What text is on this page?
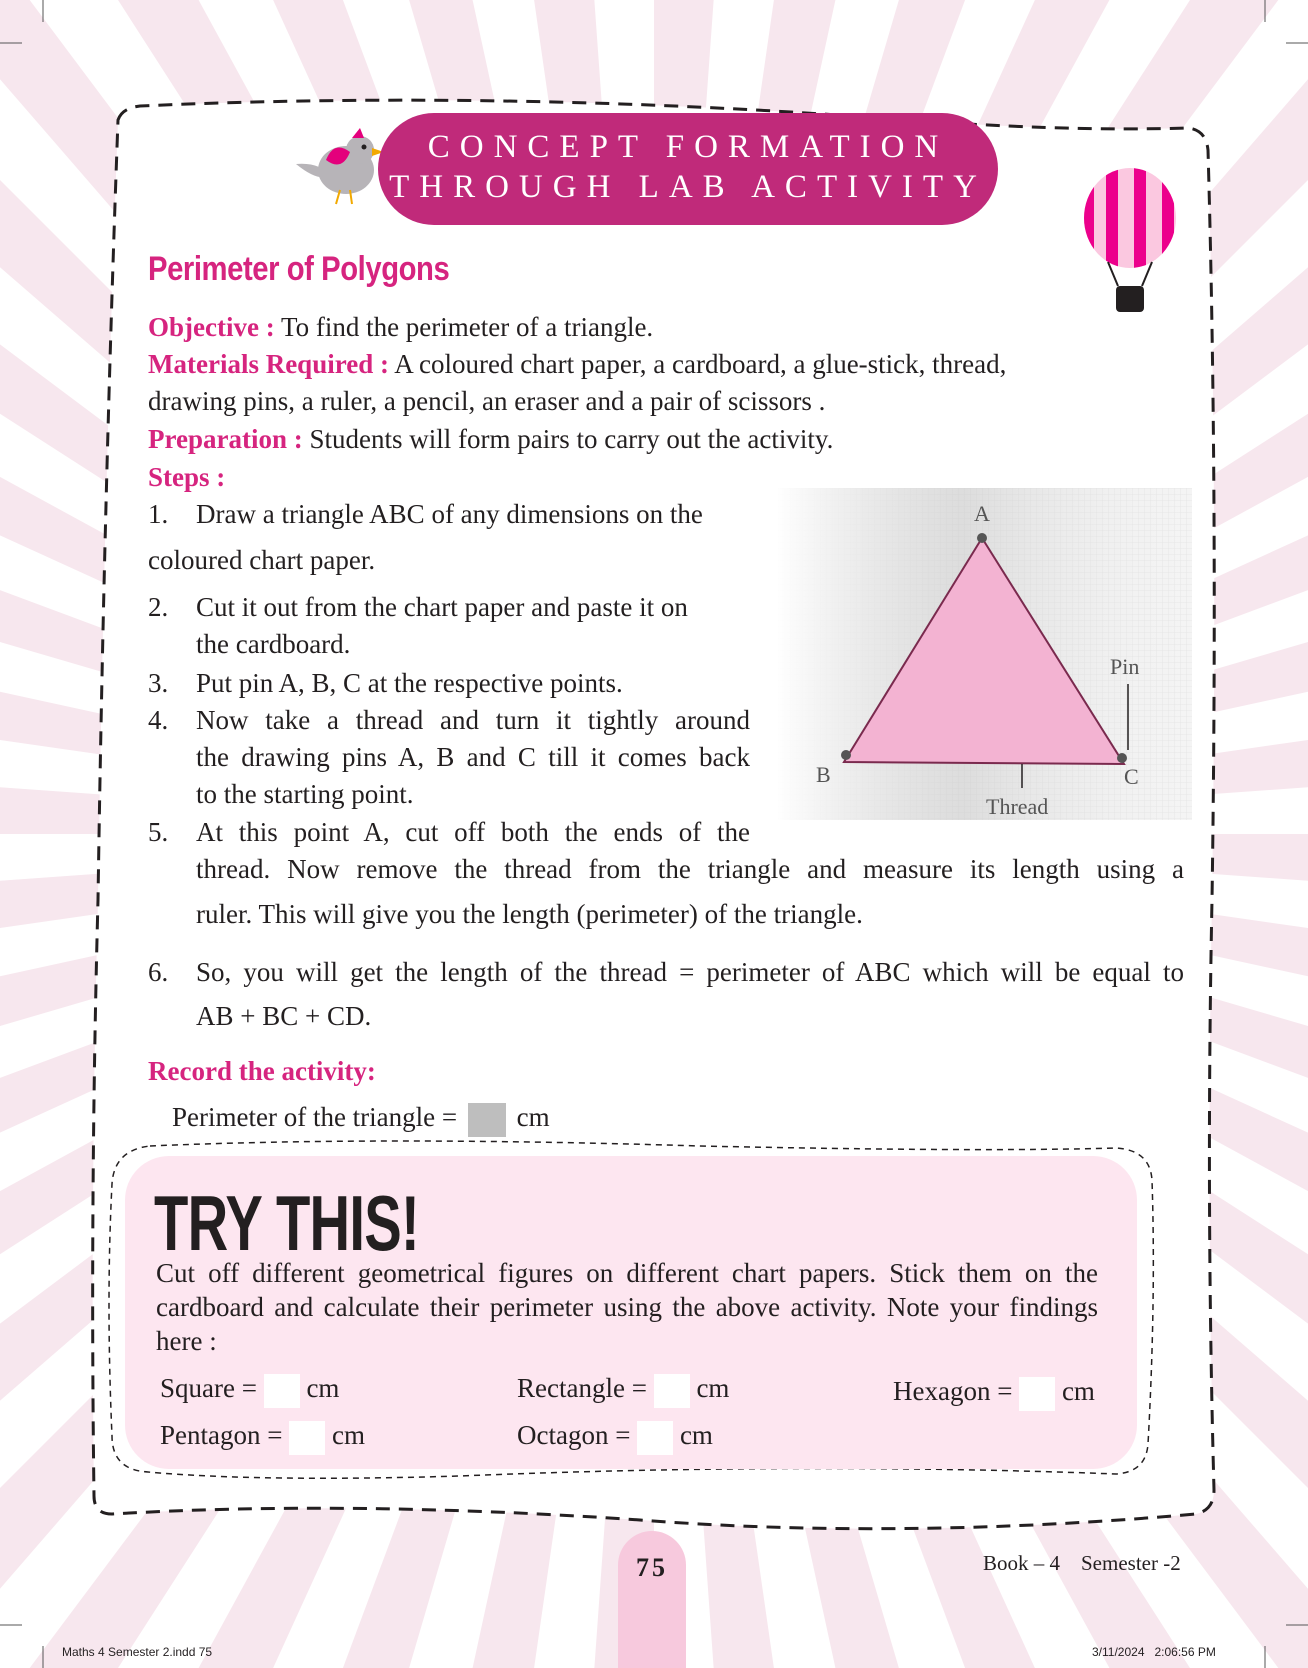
CONCEPT FORMATION
THROUGH LAB ACTIVITY
Perimeter of Polygons
Objective : To find the perimeter of a triangle.
Materials Required : A coloured chart paper, a cardboard, a glue-stick, thread,
drawing pins, a ruler, a pencil, an eraser and a pair of scissors .
Preparation : Students will form pairs to carry out the activity.
Steps :
1. Draw a triangle ABC of any dimensions on the
coloured chart paper.
2. Cut it out from the chart paper and paste it on
the cardboard.
3. Put pin A, B, C at the respective points.
4. Now take a thread and turn it tightly around
the drawing pins A, B and C till it comes back
to the starting point.
5. At this point A, cut off both the ends of the
thread. Now remove the thread from the triangle and measure its length using a
ruler. This will give you the length (perimeter) of the triangle.
6. So, you will get the length of the thread = perimeter of ABC which will be equal to
AB + BC + CD.
A
B	C
Pin
Thread
Record the activity:
Perimeter of the triangle = cm
TRY THIS!
Cut off different geometrical figures on different chart papers. Stick them on the cardboard and calculate their perimeter using the above activity. Note your findings here :
Square = cm	Rectangle = cm	Hexagon = cm
Pentagon = cm	Octagon = cm
75	Book – 4    Semester -2
Maths 4 Semester 2.indd 75	3/11/2024   2:06:56 PM
